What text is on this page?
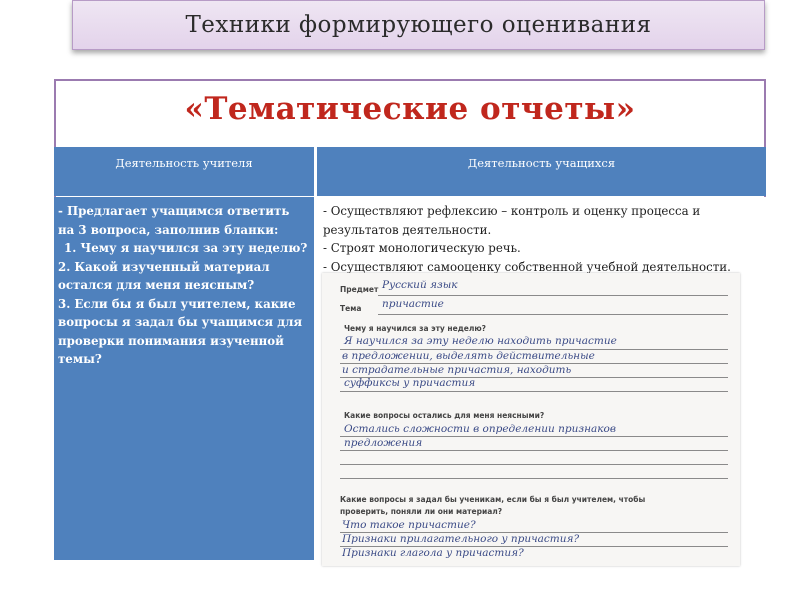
Техники формирующего оценивания
«Тематические отчеты»
Деятельность учителя	Деятельность учащихся
- Предлагает учащимся ответить
на 3 вопроса, заполнив бланки:
1. Чему я научился за эту неделю?
2. Какой изученный материал
остался для меня неясным?
3. Если бы я был учителем, какие
вопросы я задал бы учащимся для
проверки понимания изученной
темы?
- Осуществляют рефлексию – контроль и оценку процесса и
результатов деятельности.
- Строят монологическую речь.
- Осуществляют самооценку собственной учебной деятельности.
Предмет Русский язык
Тема причастие
Чему я научился за эту неделю?
Я научился за эту неделю находить причастие
в предложении, выделять действительные
и страдательные причастия, находить
суффиксы у причастия
Какие вопросы остались для меня неясными?
Остались сложности в определении признаков
предложения
Какие вопросы я задал бы ученикам, если бы я был учителем, чтобы
проверить, поняли ли они материал?
Что такое причастие?
Признаки прилагательного у причастия?
Признаки глагола у причастия?
